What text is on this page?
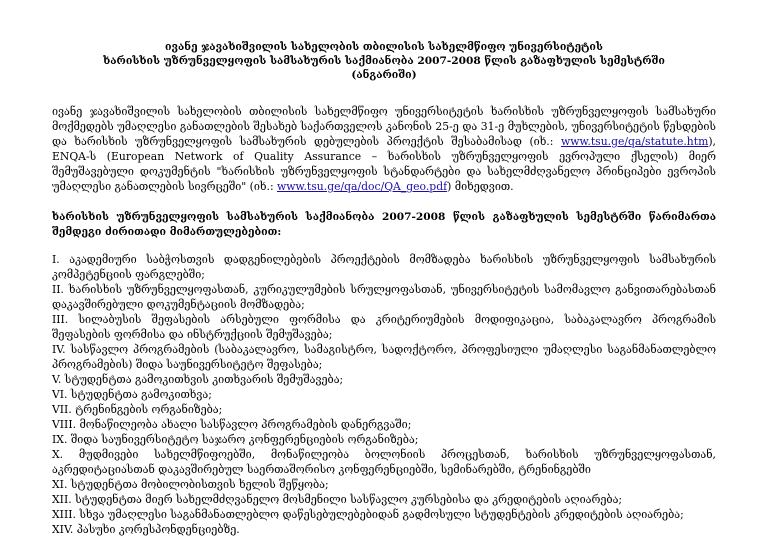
ივანე ჯავახიშვილის სახელობის თბილისის სახელმწიფო უნივერსიტეტის

ხარისხის უზრუნველყოფის სამსახურის საქმიანობა 2007-2008 წლის გაზაფხულის სემესტრში

(ანგარიში)

ივანე ჯავახიშვილის სახელობის თბილისის სახელმწიფო უნივერსიტეტის ხარისხის უზრუნველყოფის სამსახური მოქმედებს უმაღლესი განათლების შესახებ საქართველოს კანონის 25-ე და 31-ე მუხლების, უნივერსიტეტის წესდების და ხარისხის უზრუნველყოფის სამსახურის დებულების პროექტის შესაბამისად (იხ.: www.tsu.ge/qa/statute.htm), ENQA-ს (European Network of Quality Assurance – ხარისხის უზრუნველყოფის ევროპული ქსელის) მიერ შემუშავებული დოკუმენტის "ხარისხის უზრუნველყოფის სტანდარტები და სახელმძღვანელო პრინციპები ევროპის უმაღლესი განათლების სივრცეში" (იხ.: www.tsu.ge/qa/doc/QA_geo.pdf) მიხედვით.

ხარისხის უზრუნველყოფის სამსახურის საქმიანობა 2007-2008 წლის გაზაფხულის სემესტრში წარიმართა შემდეგი ძირითადი მიმართულებებით:

I. აკადემიური საბჭოსთვის დადგენილებების პროექტების მომზადება ხარისხის უზრუნველყოფის სამსახურის კომპეტენციის ფარგლებში;
II. ხარისხის უზრუნველყოფასთან, კურიკულუმების სრულყოფასთან, უნივერსიტეტის სამომავლო განვითარებასთან დაკავშირებული დოკუმენტაციის მომზადება;
III. სილაბუსის შეფასების არსებული ფორმისა და კრიტერიუმების მოდიფიკაცია, საბაკალავრო პროგრამის შეფასების ფორმისა და ინსტრუქციის შემუშავება;
IV. სასწავლო პროგრამების (საბაკალავრო, სამაგისტრო, სადოქტორო, პროფესიული უმაღლესი საგანმანათლებლო პროგრამების) შიდა საუნივერსიტეტო შეფასება;
V. სტუდენტთა გამოკითხვის კითხვარის შემუშავება;
VI. სტუდენტთა გამოკითხვა;
VII. ტრენინგების ორგანიზება;
VIII. მონაწილეობა ახალი სასწავლო პროგრამების დანერგვაში;
IX. შიდა საუნივერსიტეტო საჯარო კონფერენციების ორგანიზება;
X. მუდმივები სახელმწიფოებში, მონაწილეობა ბოლონიის პროცესთან, ხარისხის უზრუნველყოფასთან, აკრედიტაციასთან დაკავშირებულ საერთაშორისო კონფერენციებში, სემინარებში, ტრენინგებში
XI. სტუდენტთა მობილობისთვის ხელის შეწყობა;
XII. სტუდენტთა მიერ სახელმძღვანელო მოსმენილი სასწავლო კურსებისა და კრედიტების აღიარება;
XIII. სხვა უმაღლესი საგანმანათლებლო დაწესებულებებიდან გადმოსული სტუდენტების კრედიტების აღიარება;
XIV. პასუხი კორესპონდენციებზე.
